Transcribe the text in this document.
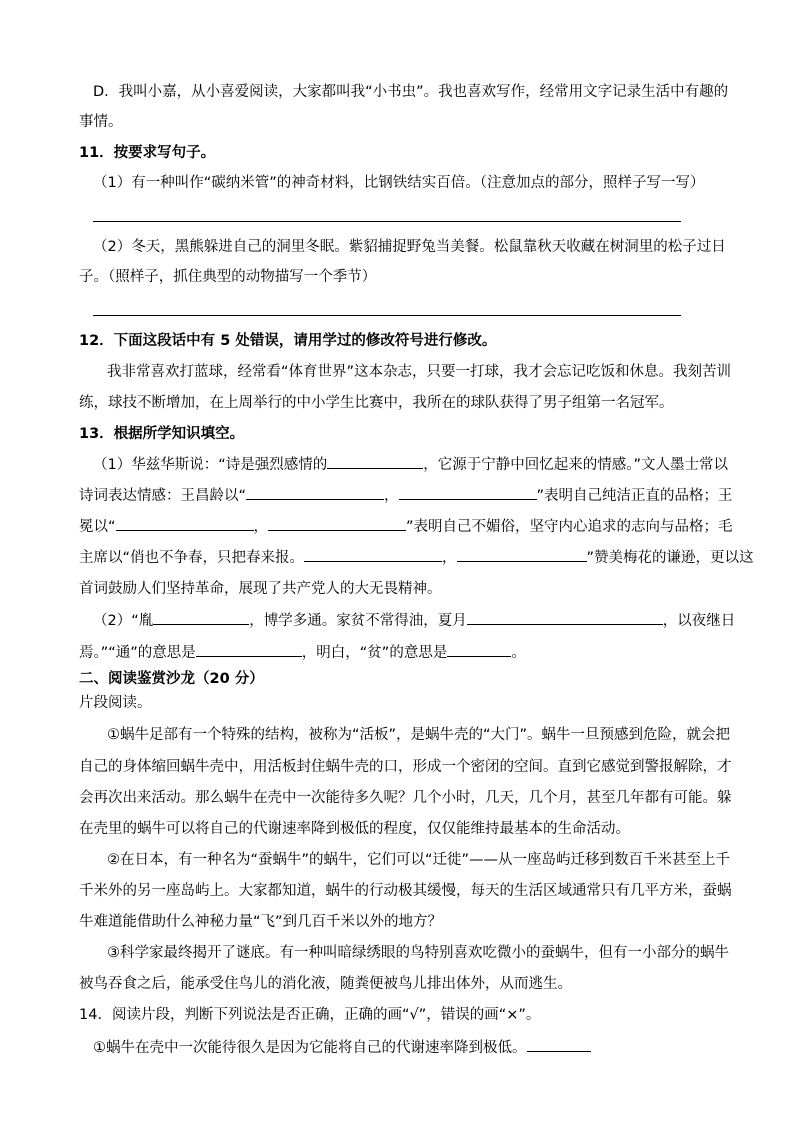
D．我叫小嘉，从小喜爱阅读，大家都叫我“小书虫”。我也喜欢写作，经常用文字记录生活中有趣的
事情。
11．按要求写句子。
（1）有一种叫作“碳纳米管”的神奇材料，比钢铁结实百倍。（注意加点的部分，照样子写一写）
（2）冬天，黑熊躲进自己的洞里冬眠。紫貂捕捉野兔当美餐。松鼠靠秋天收藏在树洞里的松子过日
子。（照样子，抓住典型的动物描写一个季节）
12．下面这段话中有 5 处错误，请用学过的修改符号进行修改。
我非常喜欢打蓝球，经常看“体育世界”这本杂志，只要一打球，我才会忘记吃饭和休息。我刻苦训
练，球技不断增加，在上周举行的中小学生比赛中，我所在的球队获得了男子组第一名冠军。
13．根据所学知识填空。
（1）华兹华斯说：“诗是强烈感情的	，它源于宁静中回忆起来的情感。”文人墨士常以
诗词表达情感：王昌龄以“	，	”表明自己纯洁正直的品格；王
冕以“	，	”表明自己不媚俗，坚守内心追求的志向与品格；毛
主席以“俏也不争春，只把春来报。	，	”赞美梅花的谦逊，更以这
首词鼓励人们坚持革命，展现了共产党人的大无畏精神。
（2）“胤	，博学多通。家贫不常得油，夏月	，以夜继日
焉。”“通”的意思是	，明白，“贫”的意思是	。
二、阅读鉴赏沙龙（20 分）
片段阅读。
①蜗牛足部有一个特殊的结构，被称为“活板”，是蜗牛壳的“大门”。蜗牛一旦预感到危险，就会把
自己的身体缩回蜗牛壳中，用活板封住蜗牛壳的口，形成一个密闭的空间。直到它感觉到警报解除，才
会再次出来活动。那么蜗牛在壳中一次能待多久呢？几个小时，几天，几个月，甚至几年都有可能。躲
在壳里的蜗牛可以将自己的代谢速率降到极低的程度，仅仅能维持最基本的生命活动。
②在日本，有一种名为“蚕蜗牛”的蜗牛，它们可以“迁徙”——从一座岛屿迁移到数百千米甚至上千
千米外的另一座岛屿上。大家都知道，蜗牛的行动极其缓慢，每天的生活区域通常只有几平方米，蚕蜗
牛难道能借助什么神秘力量“飞”到几百千米以外的地方？
③科学家最终揭开了谜底。有一种叫暗绿绣眼的鸟特别喜欢吃微小的蚕蜗牛，但有一小部分的蜗牛
被鸟吞食之后，能承受住鸟儿的消化液，随粪便被鸟儿排出体外，从而逃生。
14．阅读片段，判断下列说法是否正确，正确的画“√”，错误的画“×”。
①蜗牛在壳中一次能待很久是因为它能将自己的代谢速率降到极低。
